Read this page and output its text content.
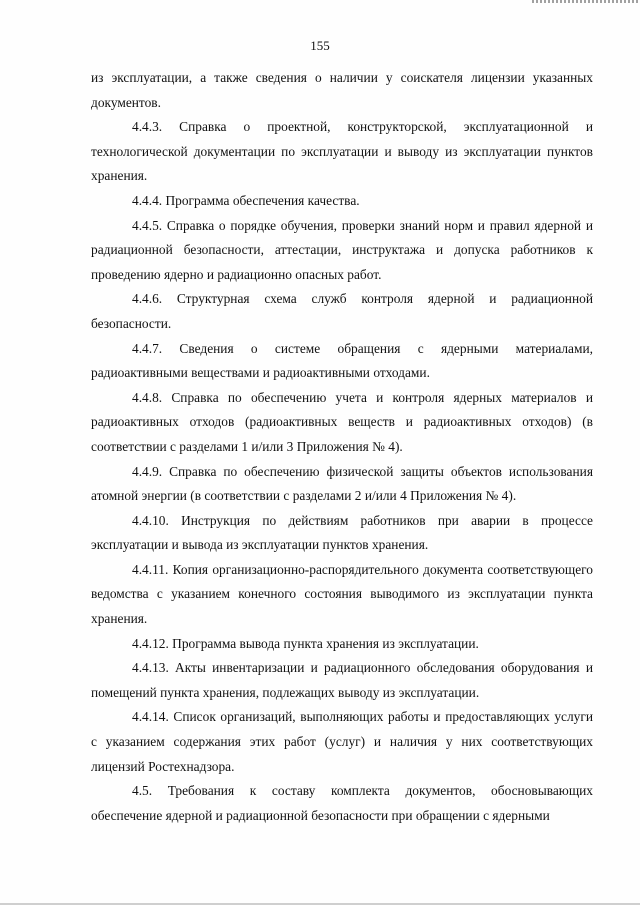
155

из эксплуатации, а также сведения о наличии у соискателя лицензии указанных документов.

4.4.3. Справка о проектной, конструкторской, эксплуатационной и технологической документации по эксплуатации и выводу из эксплуатации пунктов хранения.

4.4.4. Программа обеспечения качества.

4.4.5. Справка о порядке обучения, проверки знаний норм и правил ядерной и радиационной безопасности, аттестации, инструктажа и допуска работников к проведению ядерно и радиационно опасных работ.

4.4.6. Структурная схема служб контроля ядерной и радиационной безопасности.

4.4.7. Сведения о системе обращения с ядерными материалами, радиоактивными веществами и радиоактивными отходами.

4.4.8. Справка по обеспечению учета и контроля ядерных материалов и радиоактивных отходов (радиоактивных веществ и радиоактивных отходов) (в соответствии с разделами 1 и/или 3 Приложения № 4).

4.4.9. Справка по обеспечению физической защиты объектов использования атомной энергии (в соответствии с разделами 2 и/или 4 Приложения № 4).

4.4.10. Инструкция по действиям работников при аварии в процессе эксплуатации и вывода из эксплуатации пунктов хранения.

4.4.11. Копия организационно-распорядительного документа соответствующего ведомства с указанием конечного состояния выводимого из эксплуатации пункта хранения.

4.4.12. Программа вывода пункта хранения из эксплуатации.

4.4.13. Акты инвентаризации и радиационного обследования оборудования и помещений пункта хранения, подлежащих выводу из эксплуатации.

4.4.14. Список организаций, выполняющих работы и предоставляющих услуги с указанием содержания этих работ (услуг) и наличия у них соответствующих лицензий Ростехнадзора.

4.5. Требования к составу комплекта документов, обосновывающих обеспечение ядерной и радиационной безопасности при обращении с ядерными
